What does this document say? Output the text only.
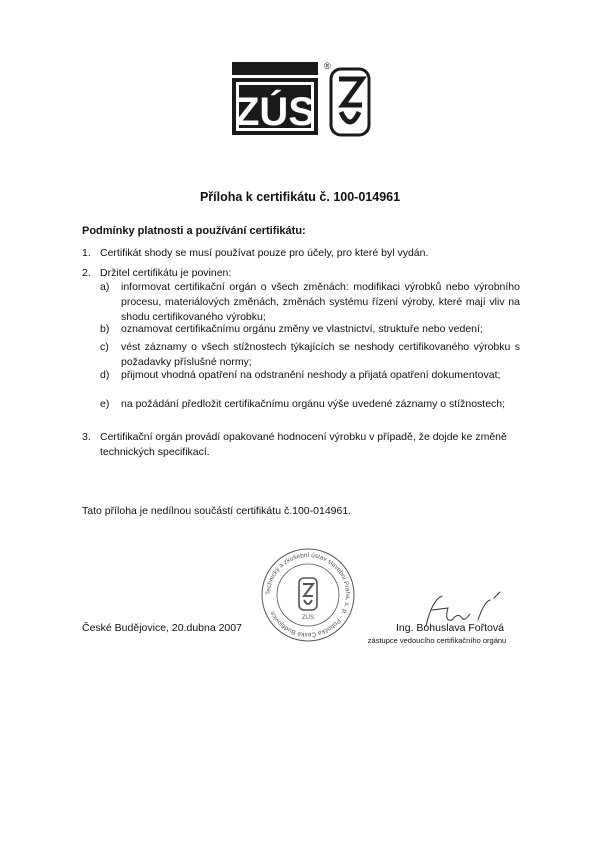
ZÚS
®
Příloha k certifikátu č. 100-014961
Podmínky platnosti a používání certifikátu:
1. Certifikát shody se musí používat pouze pro účely, pro které byl vydán.
2. Držitel certifikátu je povinen:
a) informovat certifikační orgán o všech změnách: modifikaci výrobků nebo výrobního procesu, materiálových změnách, změnách systému řízení výroby, které mají vliv na shodu certifikovaného výrobku;
b) oznamovat certifikačnímu orgánu změny ve vlastnictví, struktuře nebo vedení;
c) vést záznamy o všech stížnostech týkajících se neshody certifikovaného výrobku s požadavky příslušné normy;
d) přijmout vhodná opatření na odstranění neshody a přijatá opatření dokumentovat;
e) na požádání předložit certifikačnímu orgánu výše uvedené záznamy o stížnostech;
3. Certifikační orgán provádí opakované hodnocení výrobku v případě, že dojde ke změně technických specifikací.
Tato příloha je nedílnou součástí certifikátu č.100-014961.
Technický a zkušební ústav stavební Praha, s. p. - Pobočka České Budějovice
ZÚS
České Budějovice, 20.dubna 2007	Ing. Bohuslava Fořtová
zástupce vedoucího certifikačního orgánu
